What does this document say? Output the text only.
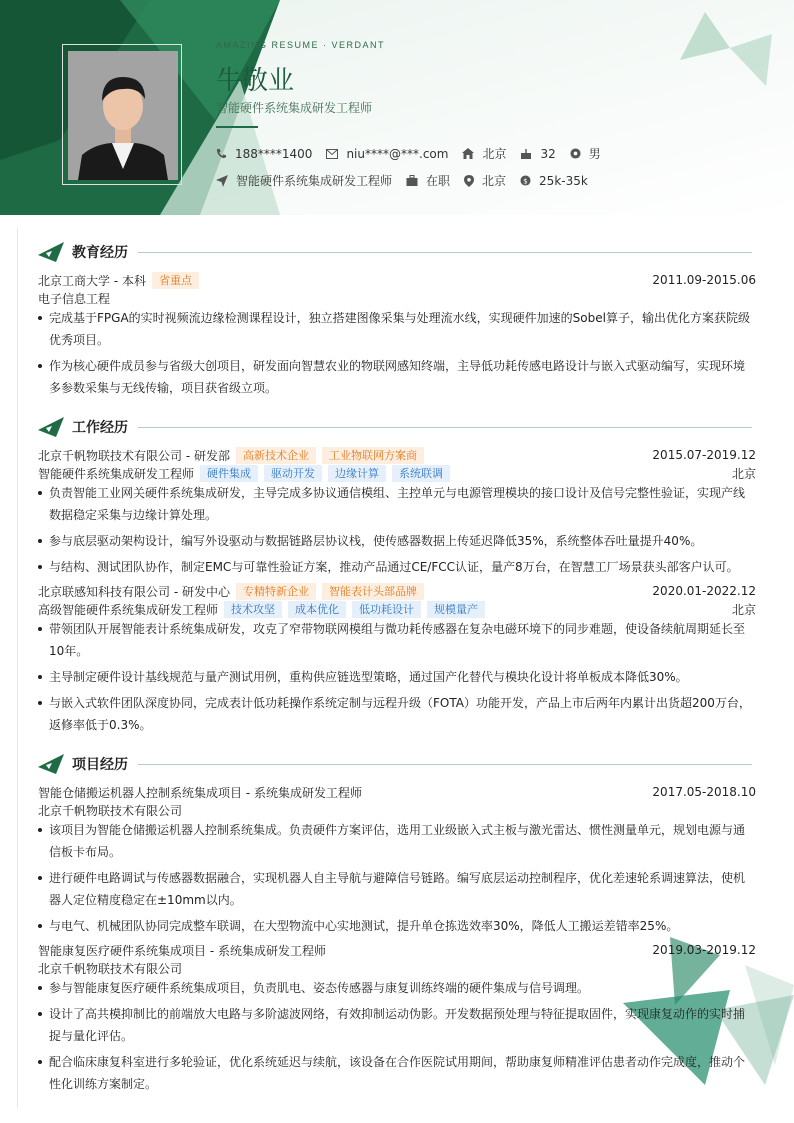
AMAZING RESUME · VERDANT
牛敬业
智能硬件系统集成研发工程师
188****1400	niu****@***.com	北京	32	男
智能硬件系统集成研发工程师	在职	北京 $ 25k-35k
教育经历
北京工商大学 - 本科	省重点	2011.09-2015.06
电子信息工程
完成基于FPGA的实时视频流边缘检测课程设计，独立搭建图像采集与处理流水线，实现硬件加速的Sobel算子，输出优化方案获院级优秀项目。
作为核心硬件成员参与省级大创项目，研发面向智慧农业的物联网感知终端，主导低功耗传感电路设计与嵌入式驱动编写，实现环境多参数采集与无线传输，项目获省级立项。
工作经历
北京千帆物联技术有限公司 - 研发部	高新技术企业	工业物联网方案商	2015.07-2019.12
智能硬件系统集成研发工程师	硬件集成	驱动开发	边缘计算	系统联调	北京
负责智能工业网关硬件系统集成研发，主导完成多协议通信模组、主控单元与电源管理模块的接口设计及信号完整性验证，实现产线数据稳定采集与边缘计算处理。
参与底层驱动架构设计，编写外设驱动与数据链路层协议栈，使传感器数据上传延迟降低35%，系统整体吞吐量提升40%。
与结构、测试团队协作，制定EMC与可靠性验证方案，推动产品通过CE/FCC认证，量产8万台，在智慧工厂场景获头部客户认可。
北京联感知科技有限公司 - 研发中心	专精特新企业	智能表计头部品牌	2020.01-2022.12
高级智能硬件系统集成研发工程师	技术攻坚	成本优化	低功耗设计	规模量产	北京
带领团队开展智能表计系统集成研发，攻克了窄带物联网模组与微功耗传感器在复杂电磁环境下的同步难题，使设备续航周期延长至10年。
主导制定硬件设计基线规范与量产测试用例，重构供应链选型策略，通过国产化替代与模块化设计将单板成本降低30%。
与嵌入式软件团队深度协同，完成表计低功耗操作系统定制与远程升级（FOTA）功能开发，产品上市后两年内累计出货超200万台，返修率低于0.3%。
项目经历
智能仓储搬运机器人控制系统集成项目 - 系统集成研发工程师	2017.05-2018.10
北京千帆物联技术有限公司
该项目为智能仓储搬运机器人控制系统集成。负责硬件方案评估，选用工业级嵌入式主板与激光雷达、惯性测量单元，规划电源与通信板卡布局。
进行硬件电路调试与传感器数据融合，实现机器人自主导航与避障信号链路。编写底层运动控制程序，优化差速轮系调速算法，使机器人定位精度稳定在±10mm以内。
与电气、机械团队协同完成整车联调，在大型物流中心实地测试，提升单仓拣选效率30%，降低人工搬运差错率25%。
智能康复医疗硬件系统集成项目 - 系统集成研发工程师	2019.03-2019.12
北京千帆物联技术有限公司
参与智能康复医疗硬件系统集成项目，负责肌电、姿态传感器与康复训练终端的硬件集成与信号调理。
设计了高共模抑制比的前端放大电路与多阶滤波网络，有效抑制运动伪影。开发数据预处理与特征提取固件，实现康复动作的实时捕捉与量化评估。
配合临床康复科室进行多轮验证，优化系统延迟与续航，该设备在合作医院试用期间，帮助康复师精准评估患者动作完成度，推动个性化训练方案制定。
